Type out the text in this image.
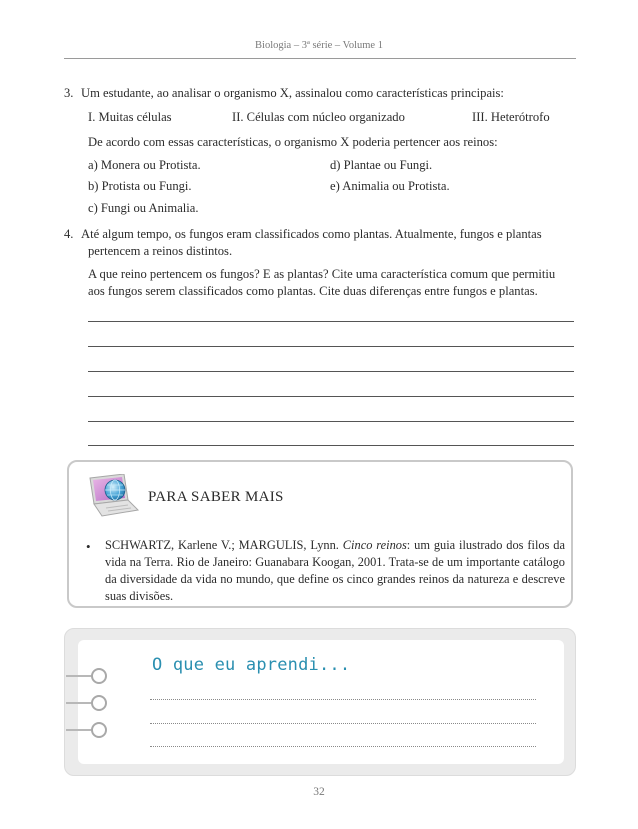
Biologia – 3ª série – Volume 1
3. Um estudante, ao analisar o organismo X, assinalou como características principais:
I. Muitas células	II. Células com núcleo organizado	III. Heterótrofo
De acordo com essas características, o organismo X poderia pertencer aos reinos:
a) Monera ou Protista.
b) Protista ou Fungi.
c) Fungi ou Animalia.
d) Plantae ou Fungi.
e) Animalia ou Protista.
4. Até algum tempo, os fungos eram classificados como plantas. Atualmente, fungos e plantas
pertencem a reinos distintos.
A que reino pertencem os fungos? E as plantas? Cite uma característica comum que permitiu
aos fungos serem classificados como plantas. Cite duas diferenças entre fungos e plantas.
PARA SABER MAIS
• SCHWARTZ, Karlene V.; MARGULIS, Lynn. Cinco reinos: um guia ilustrado dos filos da vida na Terra. Rio de Janeiro: Guanabara Koogan, 2001. Trata-se de um importante catálogo da diversidade da vida no mundo, que define os cinco grandes reinos da natureza e descreve suas divisões.
O que eu aprendi...
32
